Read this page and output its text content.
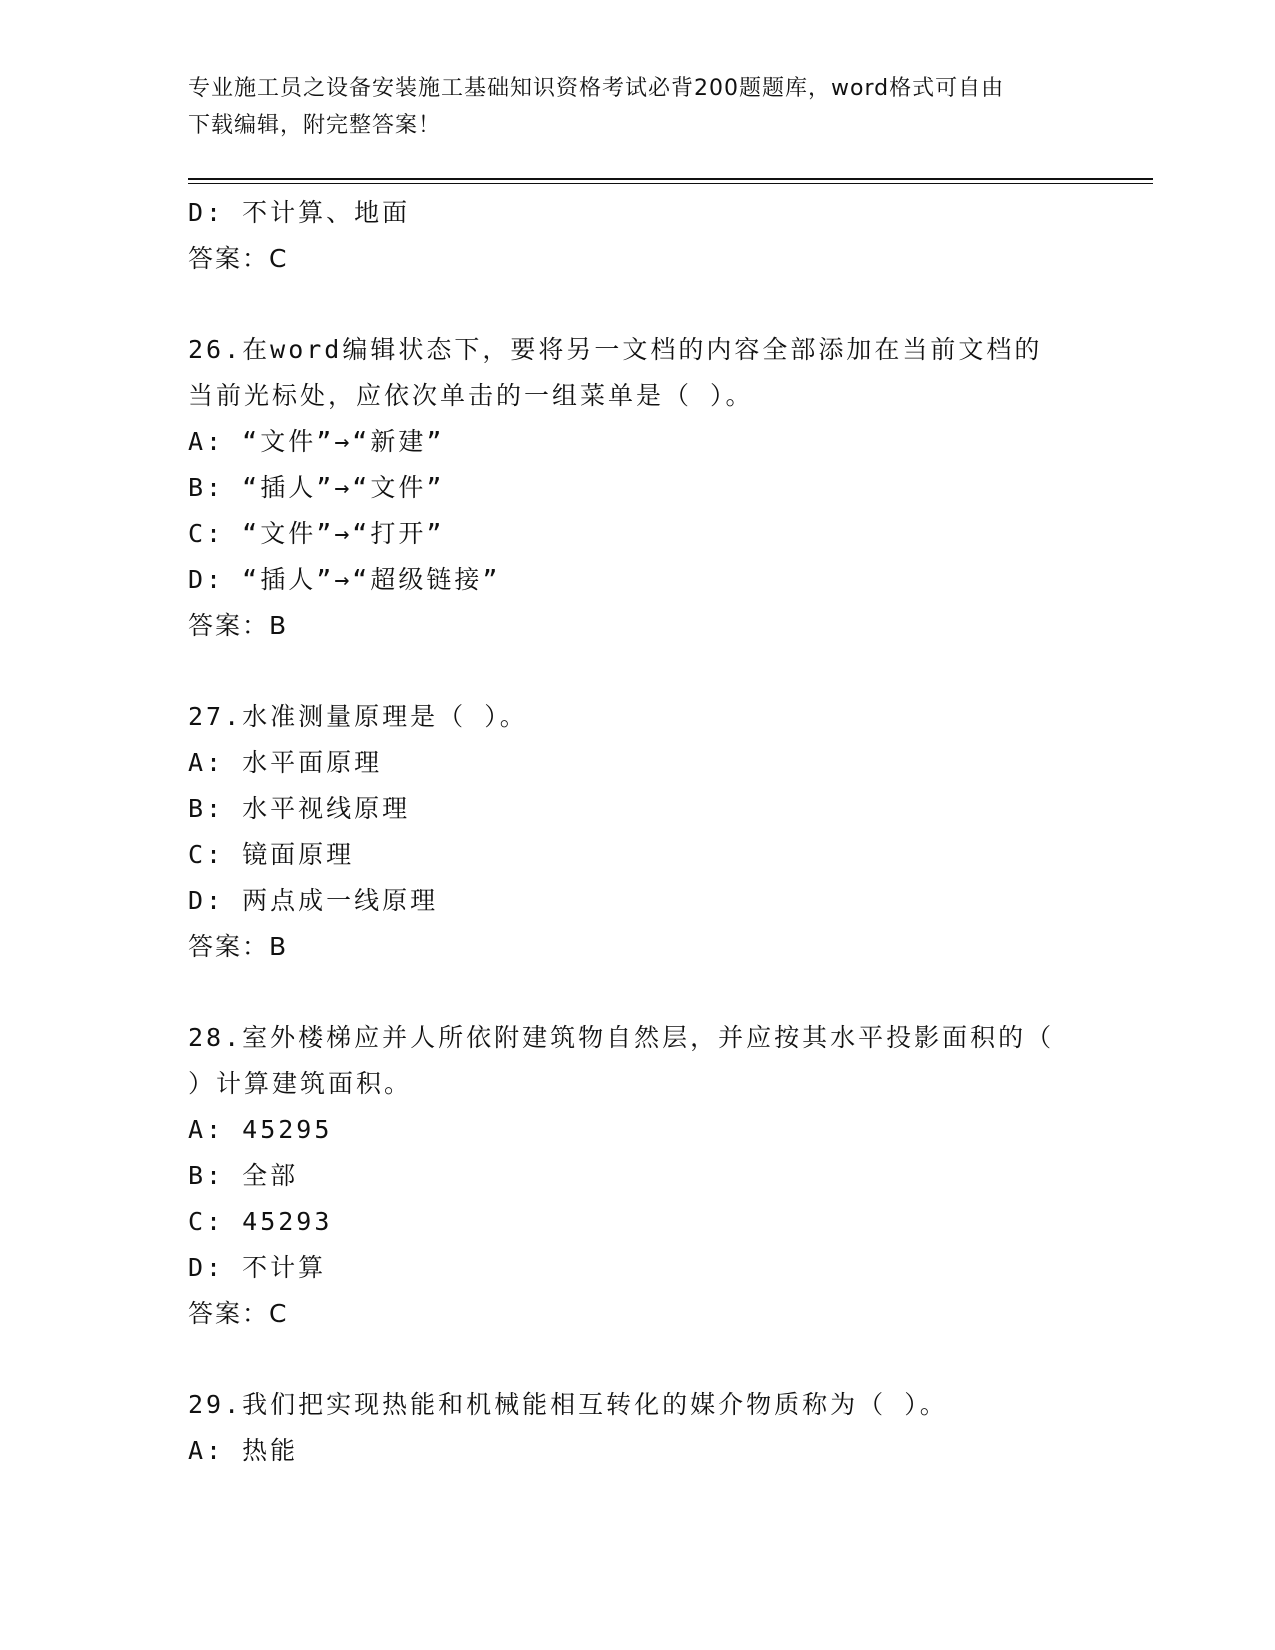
专业施工员之设备安装施工基础知识资格考试必背200题题库，word格式可自由
下载编辑，附完整答案！
D: 不计算、地面
答案：C
26.在word编辑状态下，要将另一文档的内容全部添加在当前文档的
当前光标处，应依次单击的一组菜单是（ ）。
A: “文件”→“新建”
B: “插人”→“文件”
C: “文件”→“打开”
D: “插人”→“超级链接”
答案：B
27.水准测量原理是（ ）。
A: 水平面原理
B: 水平视线原理
C: 镜面原理
D: 两点成一线原理
答案：B
28.室外楼梯应并人所依附建筑物自然层，并应按其水平投影面积的（
）计算建筑面积。
A: 45295
B: 全部
C: 45293
D: 不计算
答案：C
29.我们把实现热能和机械能相互转化的媒介物质称为（ ）。
A: 热能
